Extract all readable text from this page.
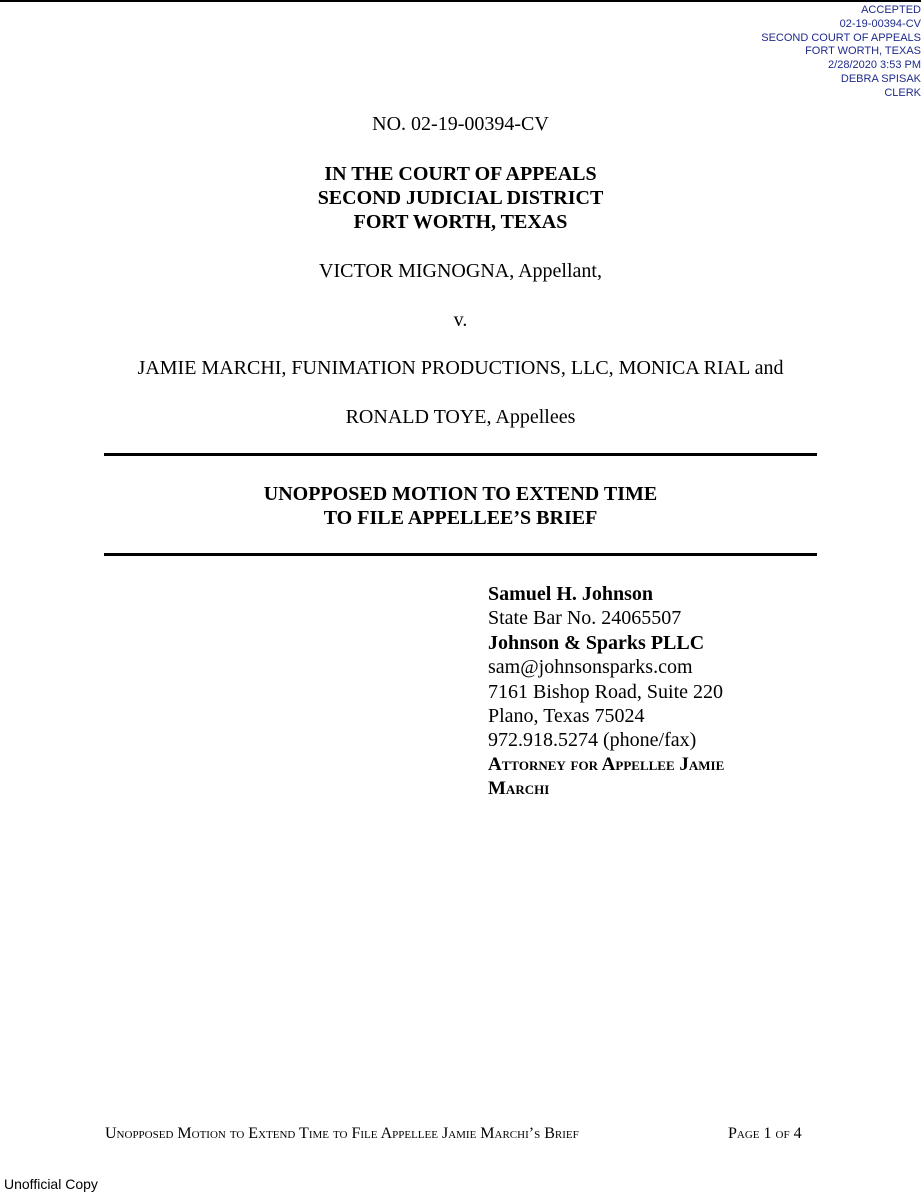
ACCEPTED
02-19-00394-CV
SECOND COURT OF APPEALS
FORT WORTH, TEXAS
2/28/2020 3:53 PM
DEBRA SPISAK
CLERK
NO. 02-19-00394-CV
IN THE COURT OF APPEALS
SECOND JUDICIAL DISTRICT
FORT WORTH, TEXAS
VICTOR MIGNOGNA, Appellant,
v.
JAMIE MARCHI, FUNIMATION PRODUCTIONS, LLC, MONICA RIAL and
RONALD TOYE, Appellees
UNOPPOSED MOTION TO EXTEND TIME
TO FILE APPELLEE’S BRIEF
Samuel H. Johnson
State Bar No. 24065507
Johnson & Sparks PLLC
sam@johnsonsparks.com
7161 Bishop Road, Suite 220
Plano, Texas 75024
972.918.5274 (phone/fax)
Attorney for Appellee Jamie
Marchi
Unopposed Motion to Extend Time to File Appellee Jamie Marchi’s Brief	Page 1 of 4
Unofficial Copy
